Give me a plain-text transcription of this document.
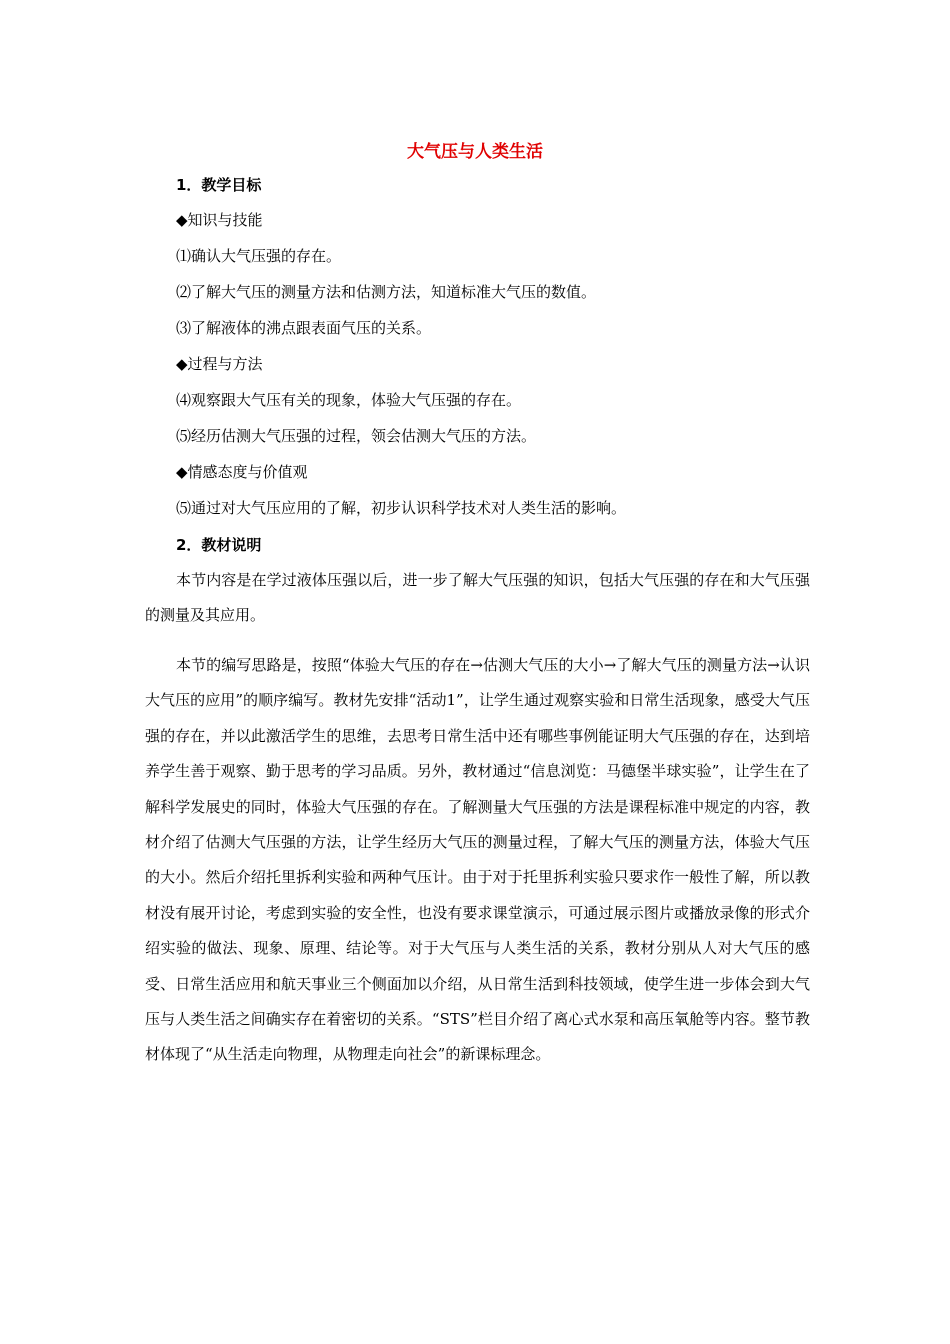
大气压与人类生活
1．教学目标
◆知识与技能
⑴确认大气压强的存在。
⑵了解大气压的测量方法和估测方法，知道标准大气压的数值。
⑶了解液体的沸点跟表面气压的关系。
◆过程与方法
⑷观察跟大气压有关的现象，体验大气压强的存在。
⑸经历估测大气压强的过程，领会估测大气压的方法。
◆情感态度与价值观
⑸通过对大气压应用的了解，初步认识科学技术对人类生活的影响。
2．教材说明
本节内容是在学过液体压强以后，进一步了解大气压强的知识，包括大气压强的存在和大气压强的测量及其应用。
本节的编写思路是，按照“体验大气压的存在→估测大气压的大小→了解大气压的测量方法→认识大气压的应用”的顺序编写。教材先安排“活动1”，让学生通过观察实验和日常生活现象，感受大气压强的存在，并以此激活学生的思维，去思考日常生活中还有哪些事例能证明大气压强的存在，达到培养学生善于观察、勤于思考的学习品质。另外，教材通过“信息浏览：马德堡半球实验”，让学生在了解科学发展史的同时，体验大气压强的存在。了解测量大气压强的方法是课程标准中规定的内容，教材介绍了估测大气压强的方法，让学生经历大气压的测量过程，了解大气压的测量方法，体验大气压的大小。然后介绍托里拆利实验和两种气压计。由于对于托里拆利实验只要求作一般性了解，所以教材没有展开讨论，考虑到实验的安全性，也没有要求课堂演示，可通过展示图片或播放录像的形式介绍实验的做法、现象、原理、结论等。对于大气压与人类生活的关系，教材分别从人对大气压的感受、日常生活应用和航天事业三个侧面加以介绍，从日常生活到科技领域，使学生进一步体会到大气压与人类生活之间确实存在着密切的关系。“STS”栏目介绍了离心式水泵和高压氧舱等内容。整节教材体现了“从生活走向物理，从物理走向社会”的新课标理念。
